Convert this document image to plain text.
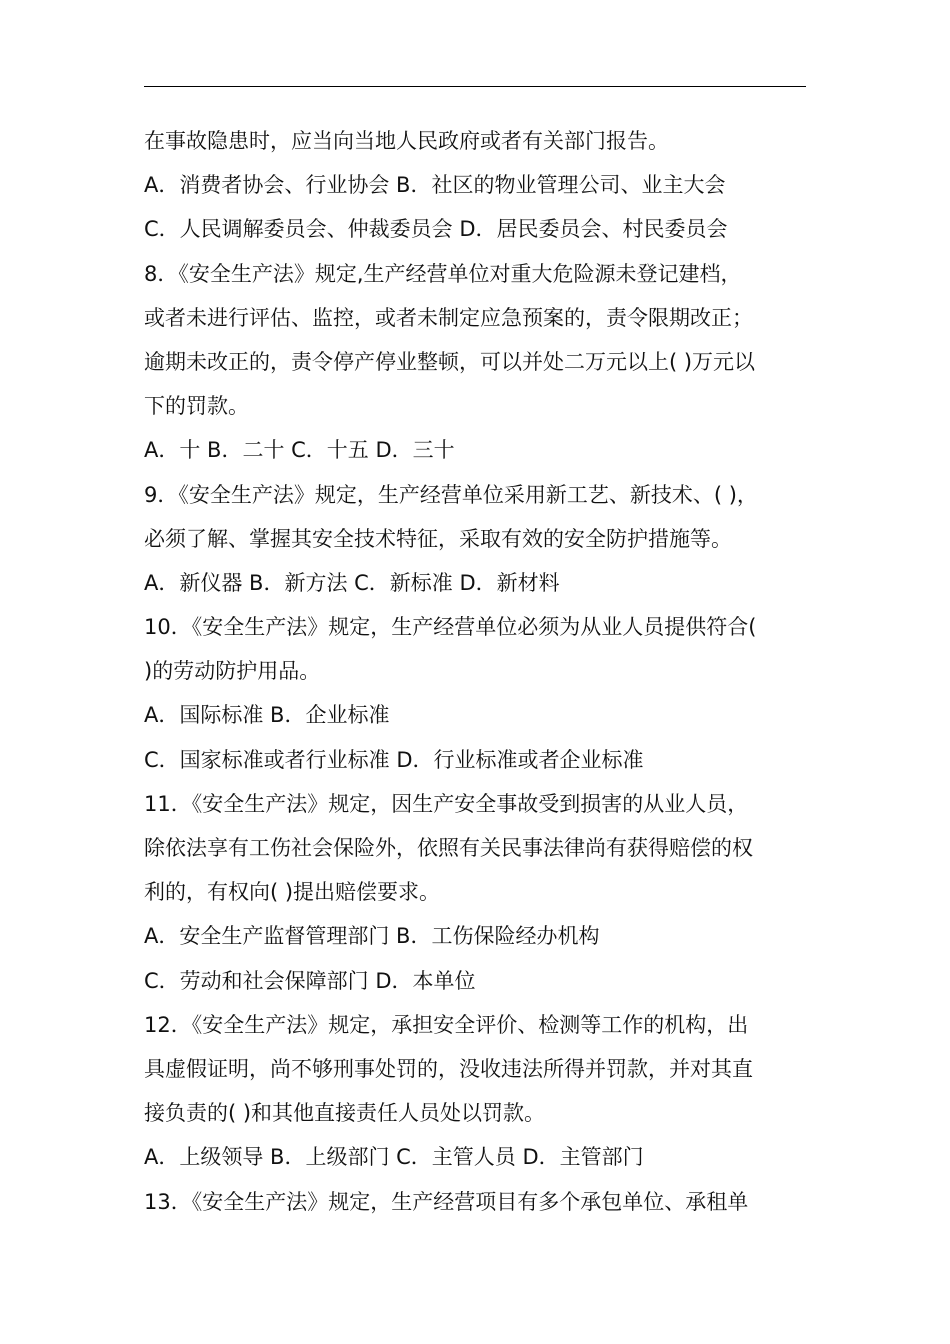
在事故隐患时，应当向当地人民政府或者有关部门报告。
A．消费者协会、行业协会 B．社区的物业管理公司、业主大会
C．人民调解委员会、仲裁委员会 D．居民委员会、村民委员会
8．《安全生产法》规定,生产经营单位对重大危险源未登记建档，
或者未进行评估、监控，或者未制定应急预案的，责令限期改正；
逾期未改正的，责令停产停业整顿，可以并处二万元以上( )万元以
下的罚款。
A．十 B．二十 C．十五 D．三十
9．《安全生产法》规定，生产经营单位采用新工艺、新技术、( )，
必须了解、掌握其安全技术特征，采取有效的安全防护措施等。
A．新仪器 B．新方法 C．新标准 D．新材料
10．《安全生产法》规定，生产经营单位必须为从业人员提供符合(
)的劳动防护用品。
A．国际标准 B．企业标准
C．国家标准或者行业标准 D．行业标准或者企业标准
11．《安全生产法》规定，因生产安全事故受到损害的从业人员，
除依法享有工伤社会保险外，依照有关民事法律尚有获得赔偿的权
利的，有权向( )提出赔偿要求。
A．安全生产监督管理部门 B．工伤保险经办机构
C．劳动和社会保障部门 D．本单位
12．《安全生产法》规定，承担安全评价、检测等工作的机构，出
具虚假证明，尚不够刑事处罚的，没收违法所得并罚款，并对其直
接负责的( )和其他直接责任人员处以罚款。
A．上级领导 B．上级部门 C．主管人员 D．主管部门
13．《安全生产法》规定，生产经营项目有多个承包单位、承租单
